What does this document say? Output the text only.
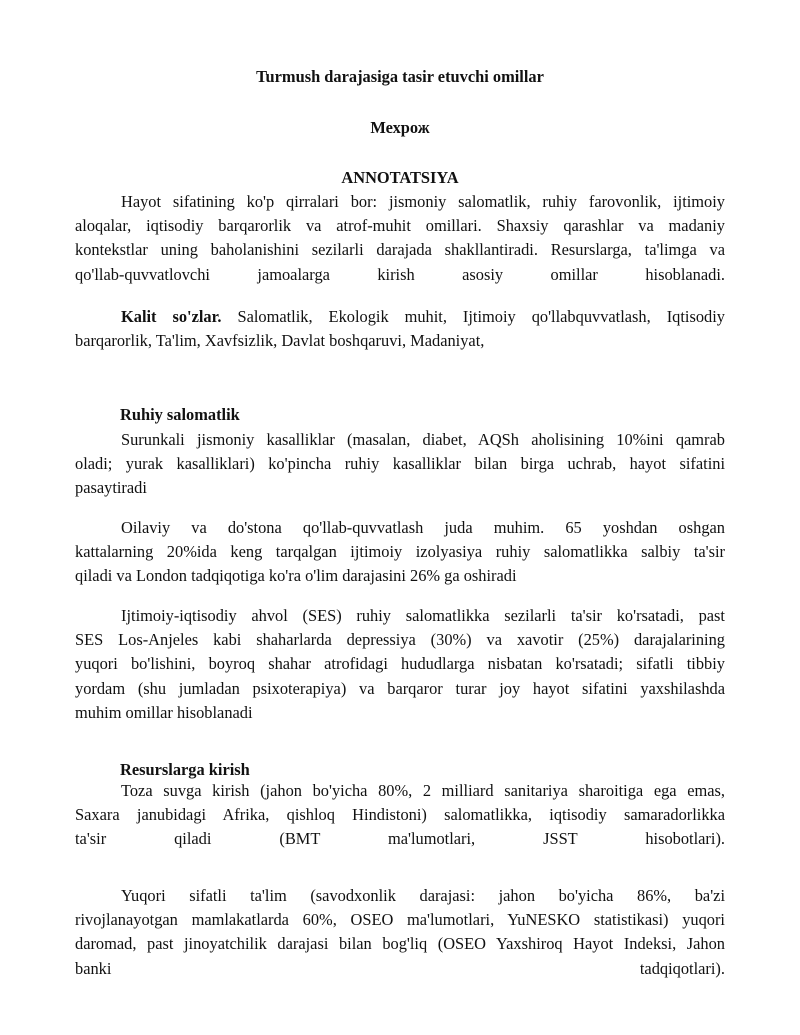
Turmush darajasiga tasir etuvchi omillar

Мехрож

ANNOTATSIYA

Hayot sifatining ko'p qirralari bor: jismoniy salomatlik, ruhiy farovonlik, ijtimoiy
aloqalar, iqtisodiy barqarorlik va atrof-muhit omillari. Shaxsiy qarashlar va madaniy
kontekstlar uning baholanishini sezilarli darajada shakllantiradi. Resurslarga, ta'limga va
qo'llab-quvvatlovchi jamoalarga kirish asosiy omillar hisoblanadi.
Kalit so'zlar. Salomatlik, Ekologik muhit, Ijtimoiy qo'llabquvvatlash, Iqtisodiy
barqarorlik, Ta'lim, Xavfsizlik, Davlat boshqaruvi, Madaniyat,

Ruhiy salomatlik

Surunkali jismoniy kasalliklar (masalan, diabet, AQSh aholisining 10%ini qamrab
oladi; yurak kasalliklari) ko'pincha ruhiy kasalliklar bilan birga uchrab, hayot sifatini
pasaytiradi
Oilaviy va do'stona qo'llab-quvvatlash juda muhim. 65 yoshdan oshgan
kattalarning 20%ida keng tarqalgan ijtimoiy izolyasiya ruhiy salomatlikka salbiy ta'sir
qiladi va London tadqiqotiga ko'ra o'lim darajasini 26% ga oshiradi
Ijtimoiy-iqtisodiy ahvol (SES) ruhiy salomatlikka sezilarli ta'sir ko'rsatadi, past
SES Los-Anjeles kabi shaharlarda depressiya (30%) va xavotir (25%) darajalarining
yuqori bo'lishini, boyroq shahar atrofidagi hududlarga nisbatan ko'rsatadi; sifatli tibbiy
yordam (shu jumladan psixoterapiya) va barqaror turar joy hayot sifatini yaxshilashda
muhim omillar hisoblanadi

Resurslarga kirish

Toza suvga kirish (jahon bo'yicha 80%, 2 milliard sanitariya sharoitiga ega emas,
Saxara janubidagi Afrika, qishloq Hindistoni) salomatlikka, iqtisodiy samaradorlikka
ta'sir qiladi (BMT ma'lumotlari, JSST hisobotlari).
Yuqori sifatli ta'lim (savodxonlik darajasi: jahon bo'yicha 86%, ba'zi
rivojlanayotgan mamlakatlarda 60%, OSEO ma'lumotlari, YuNESKO statistikasi) yuqori
daromad, past jinoyatchilik darajasi bilan bog'liq (OSEO Yaxshiroq Hayot Indeksi, Jahon
banki tadqiqotlari).
